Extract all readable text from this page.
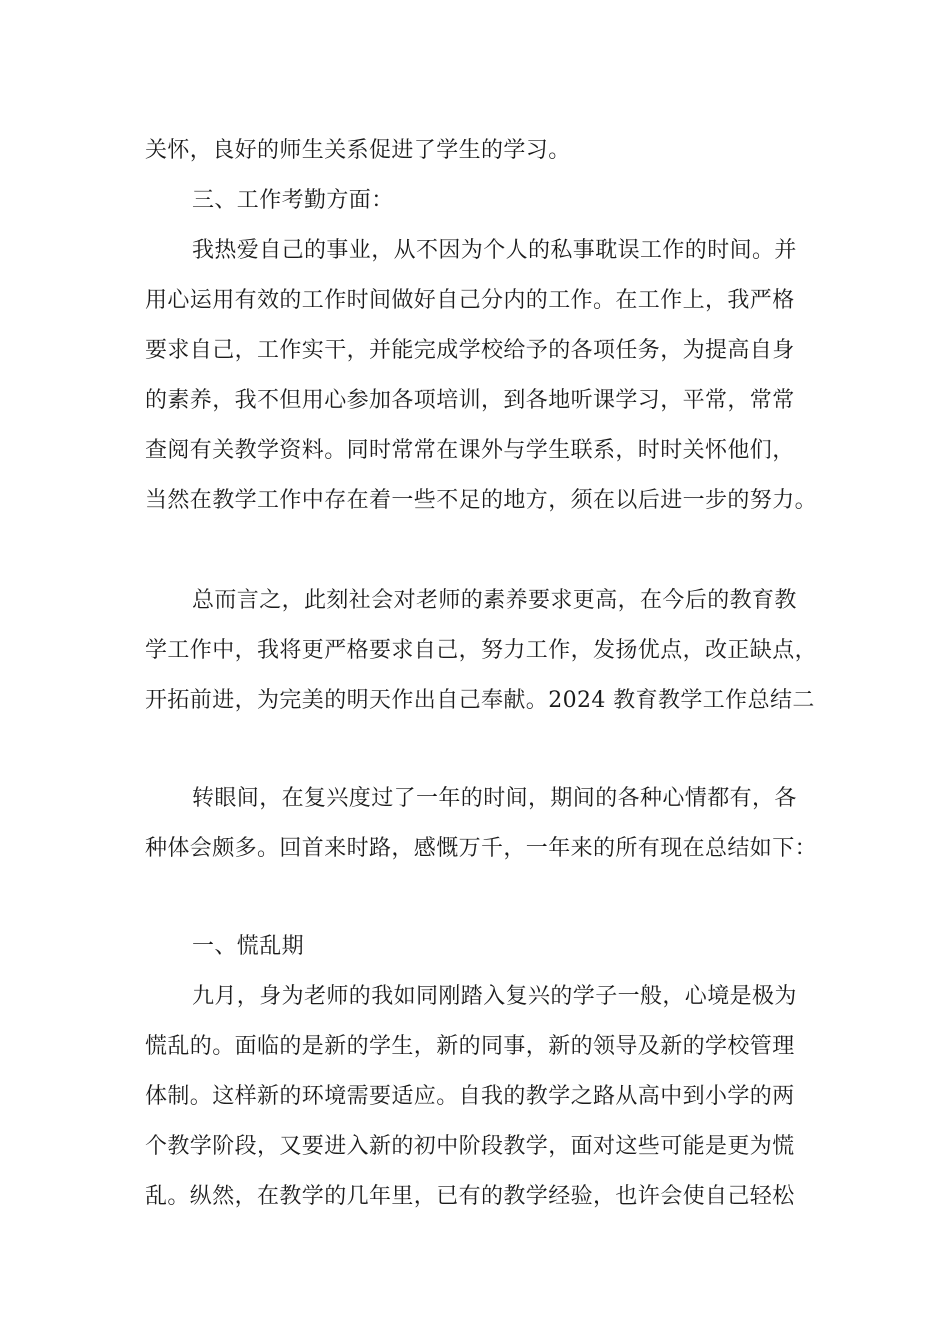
关怀，良好的师生关系促进了学生的学习。
三、工作考勤方面：
我热爱自己的事业，从不因为个人的私事耽误工作的时间。并
用心运用有效的工作时间做好自己分内的工作。在工作上，我严格
要求自己，工作实干，并能完成学校给予的各项任务，为提高自身
的素养，我不但用心参加各项培训，到各地听课学习，平常，常常
查阅有关教学资料。同时常常在课外与学生联系，时时关怀他们，
当然在教学工作中存在着一些不足的地方，须在以后进一步的努力。
总而言之，此刻社会对老师的素养要求更高，在今后的教育教
学工作中，我将更严格要求自己，努力工作，发扬优点，改正缺点，
开拓前进，为完美的明天作出自己奉献。2024 教育教学工作总结二
转眼间，在复兴度过了一年的时间，期间的各种心情都有，各
种体会颇多。回首来时路，感慨万千，一年来的所有现在总结如下：
一、慌乱期
九月，身为老师的我如同刚踏入复兴的学子一般，心境是极为
慌乱的。面临的是新的学生，新的同事，新的领导及新的学校管理
体制。这样新的环境需要适应。自我的教学之路从高中到小学的两
个教学阶段，又要进入新的初中阶段教学，面对这些可能是更为慌
乱。纵然，在教学的几年里，已有的教学经验，也许会使自己轻松
